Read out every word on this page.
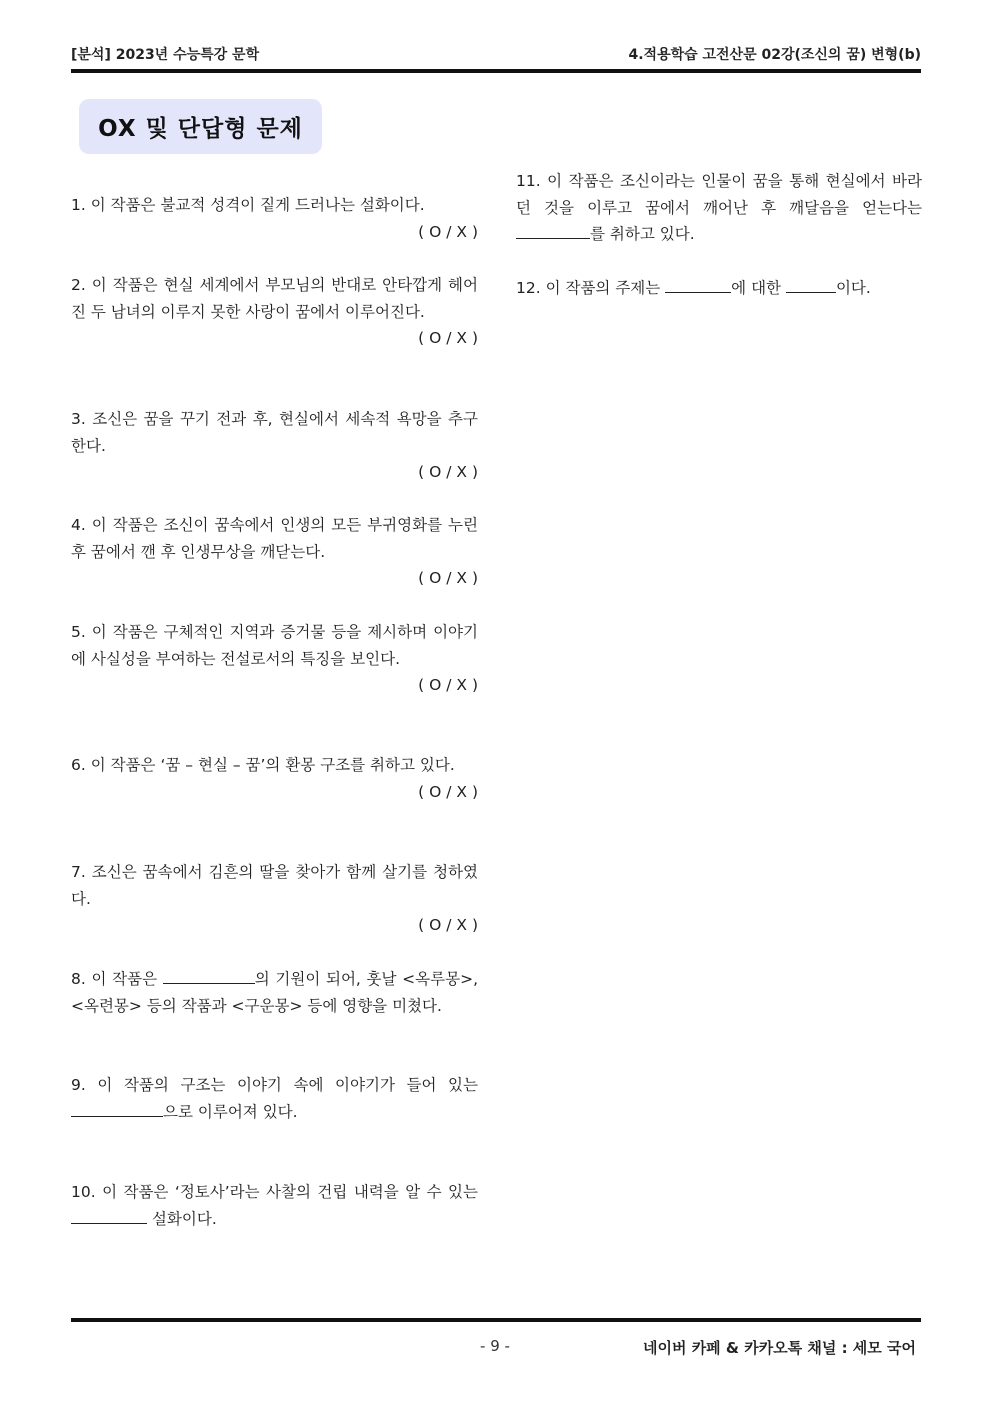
[분석] 2023년 수능특강 문학	4.적용학습 고전산문 02강(조신의 꿈) 변형(b)
OX 및 단답형 문제
1. 이 작품은 불교적 성격이 짙게 드러나는 설화이다.
( O / X )
2. 이 작품은 현실 세계에서 부모님의 반대로 안타깝게 헤어진 두 남녀의 이루지 못한 사랑이 꿈에서 이루어진다.
( O / X )
3. 조신은 꿈을 꾸기 전과 후, 현실에서 세속적 욕망을 추구한다.
( O / X )
4. 이 작품은 조신이 꿈속에서 인생의 모든 부귀영화를 누린 후 꿈에서 깬 후 인생무상을 깨닫는다.
( O / X )
5. 이 작품은 구체적인 지역과 증거물 등을 제시하며 이야기에 사실성을 부여하는 전설로서의 특징을 보인다.
( O / X )
6. 이 작품은 ‘꿈 – 현실 – 꿈’의 환몽 구조를 취하고 있다.
( O / X )
7. 조신은 꿈속에서 김흔의 딸을 찾아가 함께 살기를 청하였다.
( O / X )
8. 이 작품은	의 기원이 되어, 훗날 <옥루몽>, <옥련몽> 등의 작품과 <구운몽> 등에 영향을 미쳤다.
9. 이 작품의 구조는 이야기 속에 이야기가 들어 있는 으로 이루어져 있다.
10. 이 작품은 ‘정토사’라는 사찰의 건립 내력을 알 수 있는  설화이다.
11. 이 작품은 조신이라는 인물이 꿈을 통해 현실에서 바라던 것을 이루고 꿈에서 깨어난 후 깨달음을 얻는다는 를 취하고 있다.
12. 이 작품의 주제는	에 대한	이다.
- 9 -	네이버 카페 & 카카오톡 채널 : 세모 국어
